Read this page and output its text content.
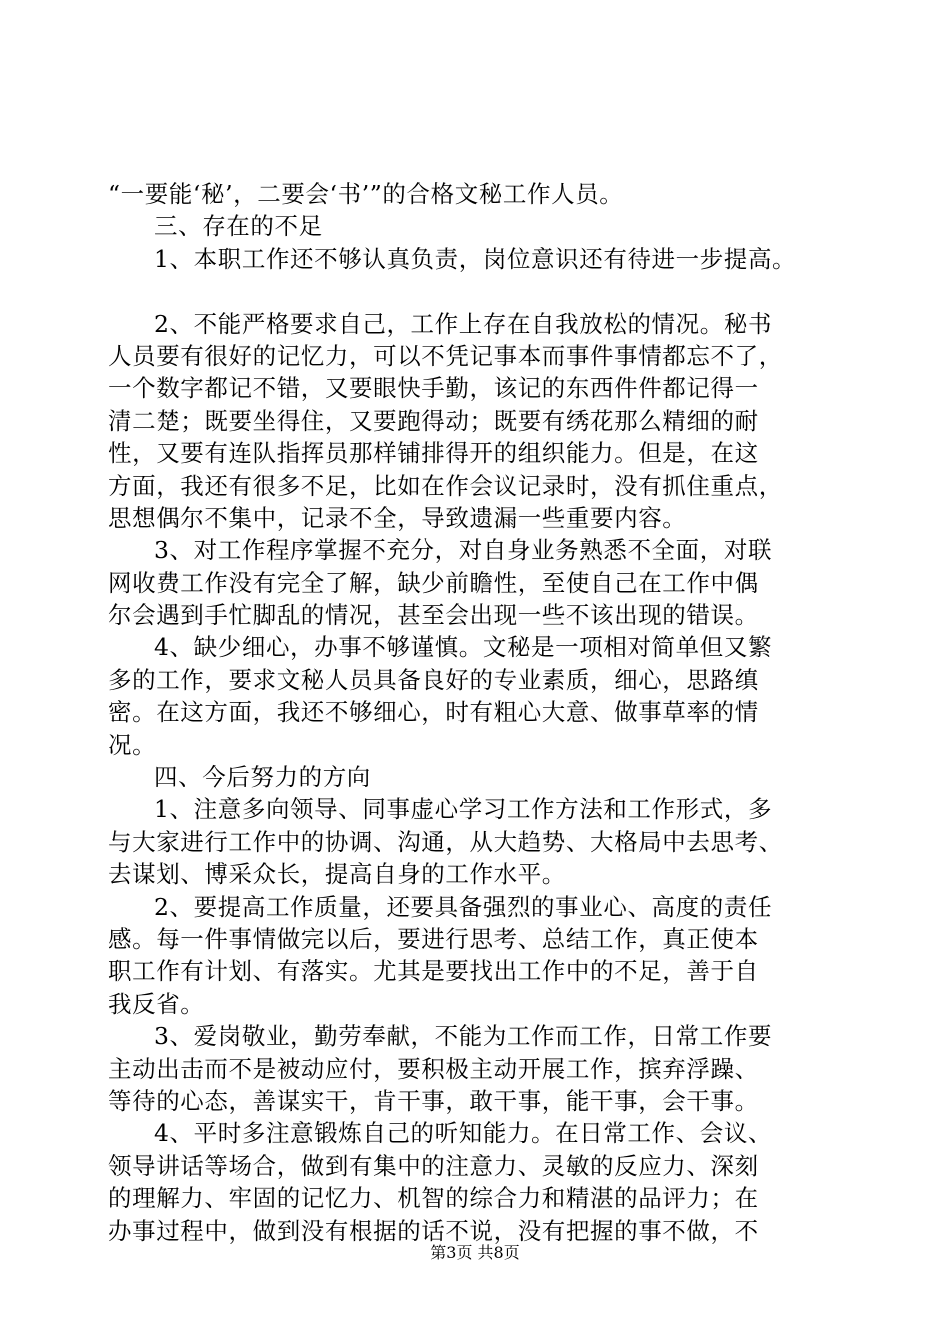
“一要能‘秘’，二要会‘书’”的合格文秘工作人员。
三、存在的不足
1、本职工作还不够认真负责，岗位意识还有待进一步提高。
2、不能严格要求自己，工作上存在自我放松的情况。秘书
人员要有很好的记忆力，可以不凭记事本而事件事情都忘不了，
一个数字都记不错，又要眼快手勤，该记的东西件件都记得一
清二楚；既要坐得住，又要跑得动；既要有绣花那么精细的耐
性，又要有连队指挥员那样铺排得开的组织能力。但是，在这
方面，我还有很多不足，比如在作会议记录时，没有抓住重点，
思想偶尔不集中，记录不全，导致遗漏一些重要内容。
3、对工作程序掌握不充分，对自身业务熟悉不全面，对联
网收费工作没有完全了解，缺少前瞻性，至使自己在工作中偶
尔会遇到手忙脚乱的情况，甚至会出现一些不该出现的错误。
4、缺少细心，办事不够谨慎。文秘是一项相对简单但又繁
多的工作，要求文秘人员具备良好的专业素质，细心，思路缜
密。在这方面，我还不够细心，时有粗心大意、做事草率的情
况。
四、今后努力的方向
1、注意多向领导、同事虚心学习工作方法和工作形式，多
与大家进行工作中的协调、沟通，从大趋势、大格局中去思考、
去谋划、博采众长，提高自身的工作水平。
2、要提高工作质量，还要具备强烈的事业心、高度的责任
感。每一件事情做完以后，要进行思考、总结工作，真正使本
职工作有计划、有落实。尤其是要找出工作中的不足，善于自
我反省。
3、爱岗敬业，勤劳奉献，不能为工作而工作，日常工作要
主动出击而不是被动应付，要积极主动开展工作，摈弃浮躁、
等待的心态，善谋实干，肯干事，敢干事，能干事，会干事。
4、平时多注意锻炼自己的听知能力。在日常工作、会议、
领导讲话等场合，做到有集中的注意力、灵敏的反应力、深刻
的理解力、牢固的记忆力、机智的综合力和精湛的品评力；在
办事过程中，做到没有根据的话不说，没有把握的事不做，不
第3页 共8页
